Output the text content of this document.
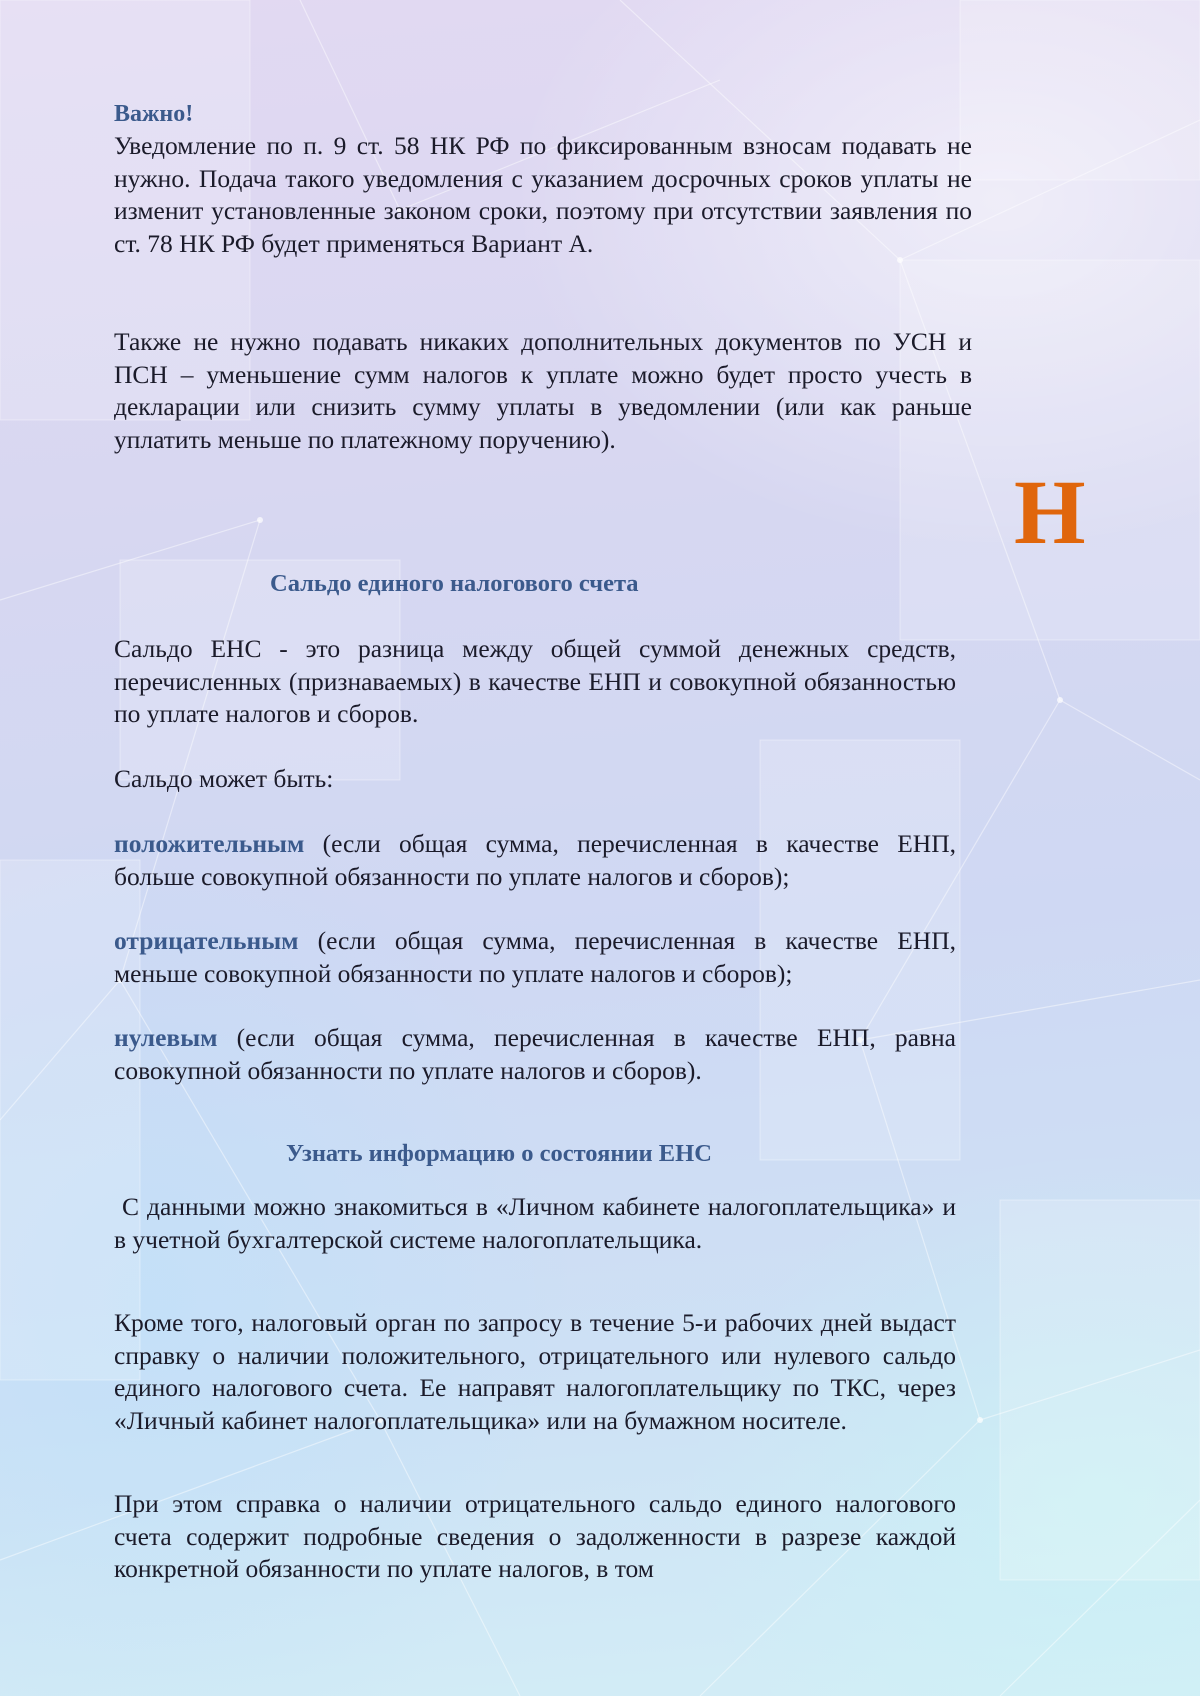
Важно!
Уведомление по п. 9 ст. 58 НК РФ по фиксированным взносам подавать не нужно. Подача такого уведомления с указанием досрочных сроков уплаты не изменит установленные законом сроки, поэтому при отсутствии заявления по ст. 78 НК РФ будет применяться Вариант А.
Также не нужно подавать никаких дополнительных документов по УСН и ПСН – уменьшение сумм налогов к уплате можно будет просто учесть в декларации или снизить сумму уплаты в уведомлении (или как раньше уплатить меньше по платежному поручению).
Н
Сальдо единого налогового счета
Сальдо ЕНС - это разница между общей суммой денежных средств, перечисленных (признаваемых) в качестве ЕНП и совокупной обязанностью по уплате налогов и сборов.
Сальдо может быть:
положительным (если общая сумма, перечисленная в качестве ЕНП, больше совокупной обязанности по уплате налогов и сборов);
отрицательным (если общая сумма, перечисленная в качестве ЕНП, меньше совокупной обязанности по уплате налогов и сборов);
нулевым (если общая сумма, перечисленная в качестве ЕНП, равна совокупной обязанности по уплате налогов и сборов).
Узнать информацию о состоянии ЕНС
С данными можно знакомиться в «Личном кабинете налогоплательщика» и в учетной бухгалтерской системе налогоплательщика.
Кроме того, налоговый орган по запросу в течение 5-и рабочих дней выдаст справку о наличии положительного, отрицательного или нулевого сальдо единого налогового счета. Ее направят налогоплательщику по ТКС, через «Личный кабинет налогоплательщика» или на бумажном носителе.
При этом справка о наличии отрицательного сальдо единого налогового счета содержит подробные сведения о задолженности в разрезе каждой конкретной обязанности по уплате налогов, в том
